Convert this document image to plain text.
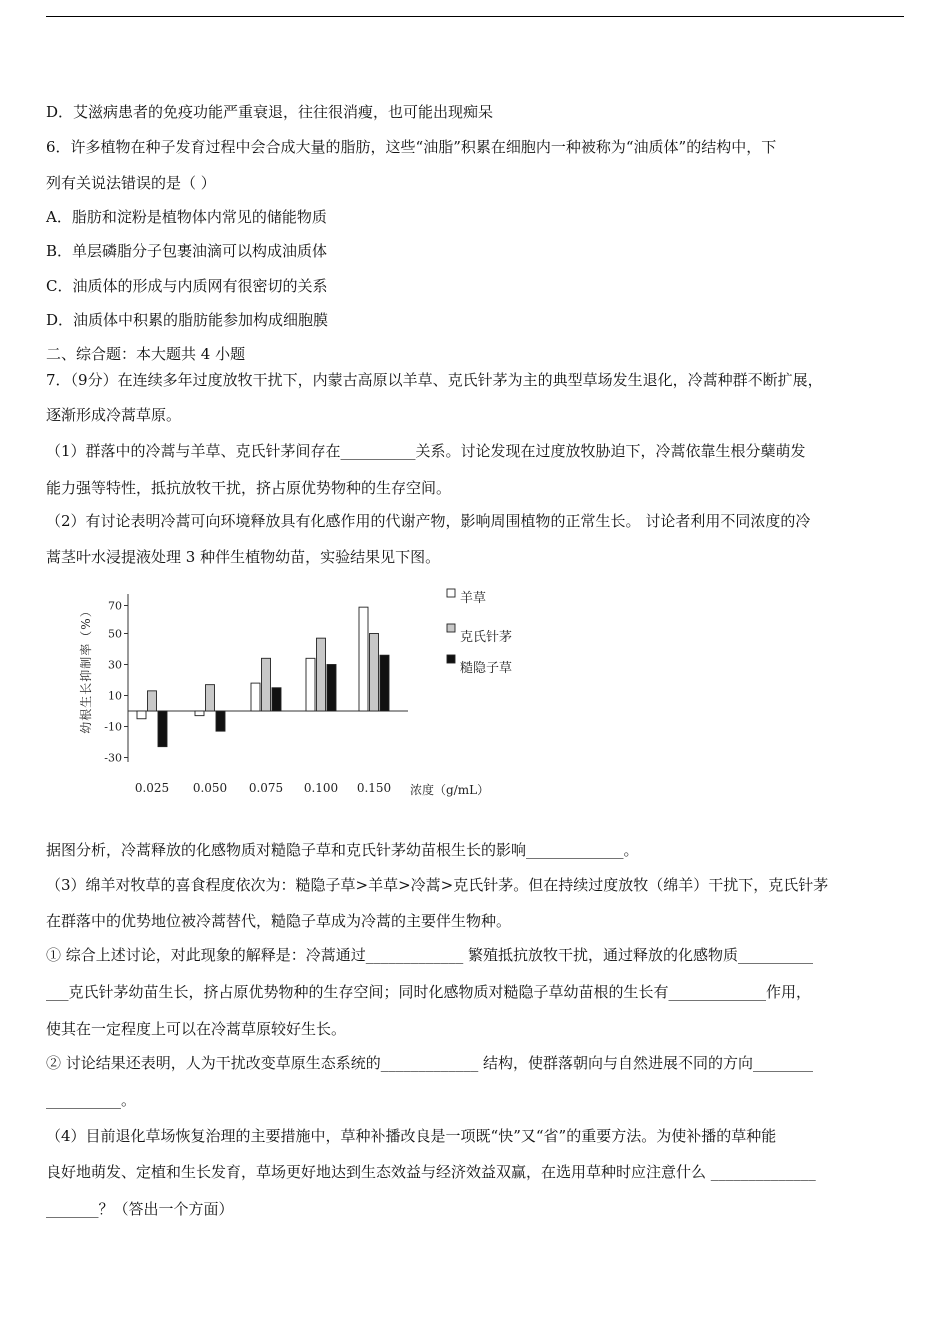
D．艾滋病患者的免疫功能严重衰退，往往很消瘦，也可能出现痴呆
6．许多植物在种子发育过程中会合成大量的脂肪，这些“油脂”积累在细胞内一种被称为“油质体”的结构中，下
列有关说法错误的是（ ）
A．脂肪和淀粉是植物体内常见的储能物质
B．单层磷脂分子包裹油滴可以构成油质体
C．油质体的形成与内质网有很密切的关系
D．油质体中积累的脂肪能参加构成细胞膜
二、综合题：本大题共 4 小题
7．（9分）在连续多年过度放牧干扰下，内蒙古高原以羊草、克氏针茅为主的典型草场发生退化，冷蒿种群不断扩展，
逐渐形成冷蒿草原。
（1）群落中的冷蒿与羊草、克氏针茅间存在__________关系。讨论发现在过度放牧胁迫下，冷蒿依靠生根分蘖萌发
能力强等特性，抵抗放牧干扰，挤占原优势物种的生存空间。
（2）有讨论表明冷蒿可向环境释放具有化感作用的代谢产物，影响周围植物的正常生长。 讨论者利用不同浓度的冷
蒿茎叶水浸提液处理 3 种伴生植物幼苗，实验结果见下图。
70
50
30
10
-10
-30
幼根生长抑制率（%）
0.025 0.050 0.075 0.100 0.150 浓度（g/mL）
羊草
克氏针茅
糙隐子草
据图分析，冷蒿释放的化感物质对糙隐子草和克氏针茅幼苗根生长的影响_____________。
（3）绵羊对牧草的喜食程度依次为：糙隐子草>羊草>冷蒿>克氏针茅。但在持续过度放牧（绵羊）干扰下，克氏针茅
在群落中的优势地位被冷蒿替代，糙隐子草成为冷蒿的主要伴生物种。
① 综合上述讨论，对此现象的解释是：冷蒿通过_____________ 繁殖抵抗放牧干扰，通过释放的化感物质__________
___克氏针茅幼苗生长，挤占原优势物种的生存空间；同时化感物质对糙隐子草幼苗根的生长有_____________作用，
使其在一定程度上可以在冷蒿草原较好生长。
② 讨论结果还表明，人为干扰改变草原生态系统的_____________ 结构，使群落朝向与自然进展不同的方向________
__________。
（4）目前退化草场恢复治理的主要措施中，草种补播改良是一项既“快”又“省”的重要方法。为使补播的草种能
良好地萌发、定植和生长发育，草场更好地达到生态效益与经济效益双赢，在选用草种时应注意什么 ______________
_______？（答出一个方面）
